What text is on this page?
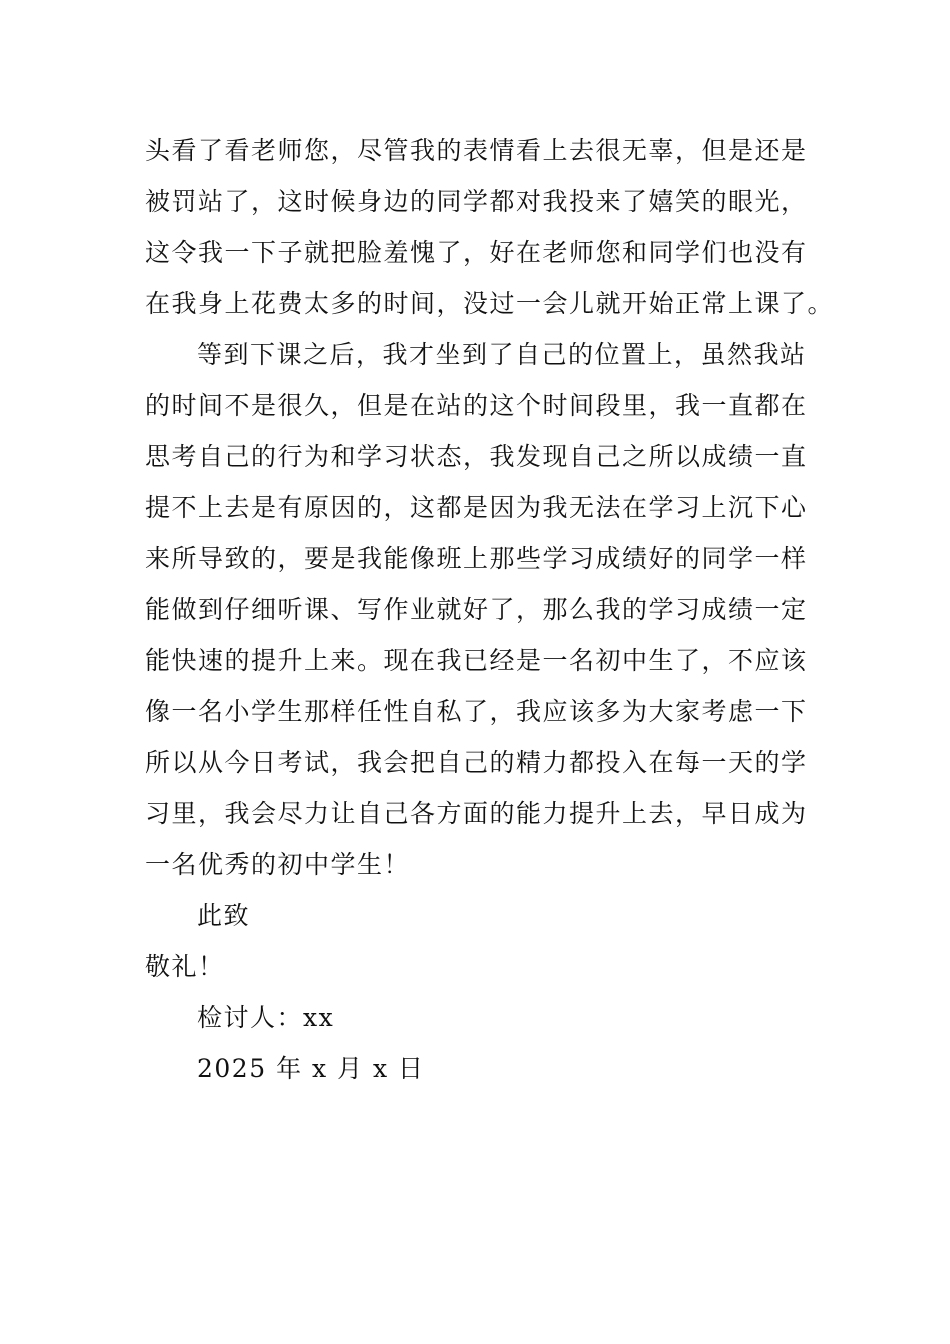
头看了看老师您，尽管我的表情看上去很无辜，但是还是
被罚站了，这时候身边的同学都对我投来了嬉笑的眼光，
这令我一下子就把脸羞愧了，好在老师您和同学们也没有
在我身上花费太多的时间，没过一会儿就开始正常上课了。
等到下课之后，我才坐到了自己的位置上，虽然我站
的时间不是很久，但是在站的这个时间段里，我一直都在
思考自己的行为和学习状态，我发现自己之所以成绩一直
提不上去是有原因的，这都是因为我无法在学习上沉下心
来所导致的，要是我能像班上那些学习成绩好的同学一样
能做到仔细听课、写作业就好了，那么我的学习成绩一定
能快速的提升上来。现在我已经是一名初中生了，不应该
像一名小学生那样任性自私了，我应该多为大家考虑一下
所以从今日考试，我会把自己的精力都投入在每一天的学
习里，我会尽力让自己各方面的能力提升上去，早日成为
一名优秀的初中学生！
此致
敬礼！
检讨人：xx
2025 年 x 月 x 日
